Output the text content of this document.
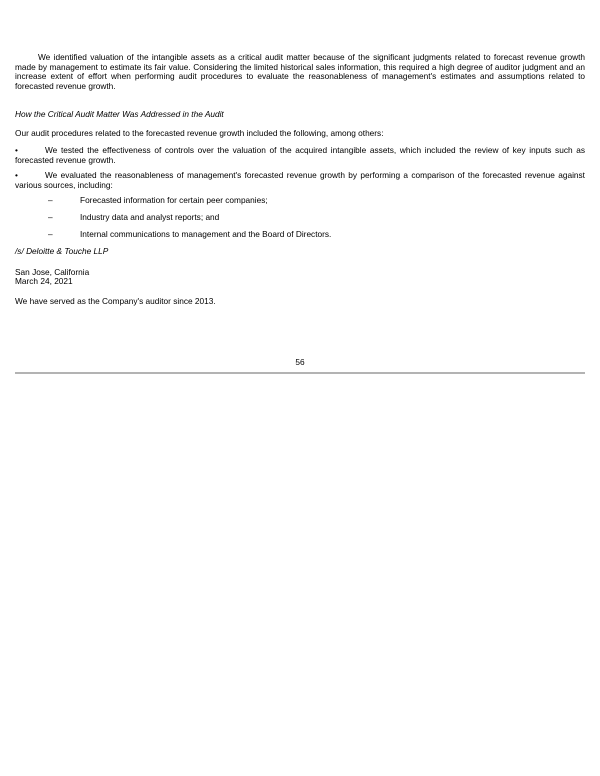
We identified valuation of the intangible assets as a critical audit matter because of the significant judgments related to forecast revenue growth made by management to estimate its fair value. Considering the limited historical sales information, this required a high degree of auditor judgment and an increase extent of effort when performing audit procedures to evaluate the reasonableness of management's estimates and assumptions related to forecasted revenue growth.

How the Critical Audit Matter Was Addressed in the Audit

Our audit procedures related to the forecasted revenue growth included the following, among others:

•	We tested the effectiveness of controls over the valuation of the acquired intangible assets, which included the review of key inputs such as forecasted revenue growth.

•	We evaluated the reasonableness of management's forecasted revenue growth by performing a comparison of the forecasted revenue against various sources, including:

–	Forecasted information for certain peer companies;

–	Industry data and analyst reports; and

–	Internal communications to management and the Board of Directors.

/s/ Deloitte & Touche LLP

San Jose, California
March 24, 2021

We have served as the Company's auditor since 2013.

56
